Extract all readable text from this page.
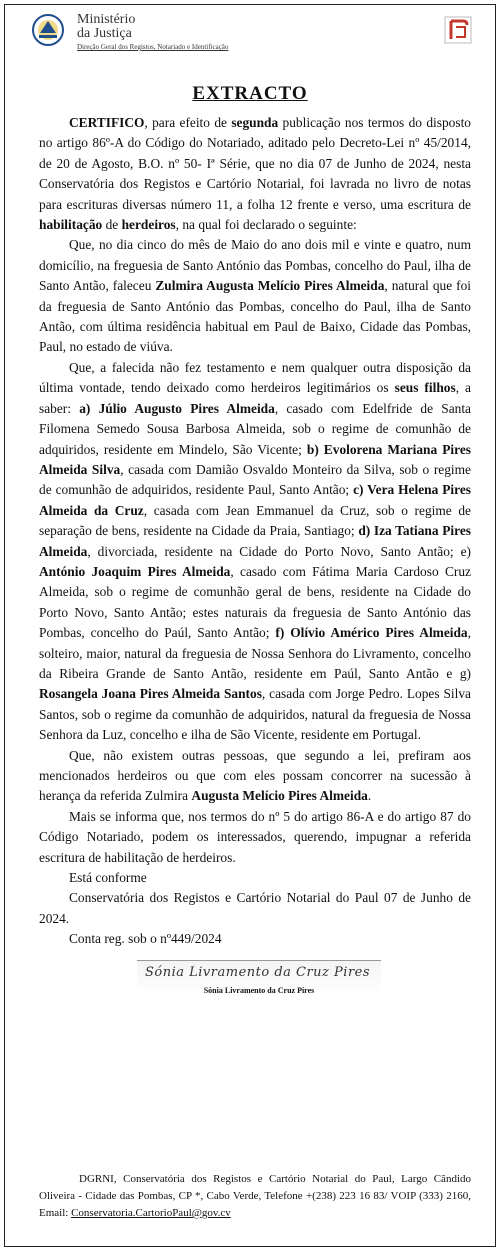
Ministério
da Justiça
Direção Geral dos Registos, Notariado e Identificação
EXTRACTO

CERTIFICO, para efeito de segunda publicação nos termos do disposto no artigo 86º-A do Código do Notariado, aditado pelo Decreto-Lei nº 45/2014, de 20 de Agosto, B.O. nº 50- Iª Série, que no dia 07 de Junho de 2024, nesta Conservatória dos Registos e Cartório Notarial, foi lavrada no livro de notas para escrituras diversas número 11, a folha 12 frente e verso, uma escritura de habilitação de herdeiros, na qual foi declarado o seguinte:

Que, no dia cinco do mês de Maio do ano dois mil e vinte e quatro, num domicílio, na freguesia de Santo António das Pombas, concelho do Paul, ilha de Santo Antão, faleceu Zulmira Augusta Melício Pires Almeida, natural que foi da freguesia de Santo António das Pombas, concelho do Paul, ilha de Santo Antão, com última residência habitual em Paul de Baixo, Cidade das Pombas, Paul, no estado de viúva.

Que, a falecida não fez testamento e nem qualquer outra disposição da última vontade, tendo deixado como herdeiros legitimários os seus filhos, a saber: a) Júlio Augusto Pires Almeida, casado com Edelfride de Santa Filomena Semedo Sousa Barbosa Almeida, sob o regime de comunhão de adquiridos, residente em Mindelo, São Vicente; b) Evolorena Mariana Pires Almeida Silva, casada com Damião Osvaldo Monteiro da Silva, sob o regime de comunhão de adquiridos, residente Paul, Santo Antão; c) Vera Helena Pires Almeida da Cruz, casada com Jean Emmanuel da Cruz, sob o regime de separação de bens, residente na Cidade da Praia, Santiago; d) Iza Tatiana Pires Almeida, divorciada, residente na Cidade do Porto Novo, Santo Antão; e) António Joaquim Pires Almeida, casado com Fátima Maria Cardoso Cruz Almeida, sob o regime de comunhão geral de bens, residente na Cidade do Porto Novo, Santo Antão; estes naturais da freguesia de Santo António das Pombas, concelho do Paúl, Santo Antão; f) Olívio Américo Pires Almeida, solteiro, maior, natural da freguesia de Nossa Senhora do Livramento, concelho da Ribeira Grande de Santo Antão, residente em Paúl, Santo Antão e g) Rosangela Joana Pires Almeida Santos, casada com Jorge Pedro. Lopes Silva Santos, sob o regime da comunhão de adquiridos, natural da freguesia de Nossa Senhora da Luz, concelho e ilha de São Vicente, residente em Portugal.

Que, não existem outras pessoas, que segundo a lei, prefiram aos mencionados herdeiros ou que com eles possam concorrer na sucessão à herança da referida Zulmira Augusta Melício Pires Almeida.

Mais se informa que, nos termos do nº 5 do artigo 86-A e do artigo 87 do Código Notariado, podem os interessados, querendo, impugnar a referida escritura de habilitação de herdeiros.

Está conforme

Conservatória dos Registos e Cartório Notarial do Paul 07 de Junho de 2024.

Conta reg. sob o nº449/2024

Sónia Livramento da Cruz Pires
Sónia Livramento da Cruz Pires
DGRNI, Conservatória dos Registos e Cartório Notarial do Paul, Largo Cândido Oliveira - Cidade das Pombas, CP *, Cabo Verde, Telefone +(238) 223 16 83/ VOIP (333) 2160, Email: Conservatoria.CartorioPaul@gov.cv
